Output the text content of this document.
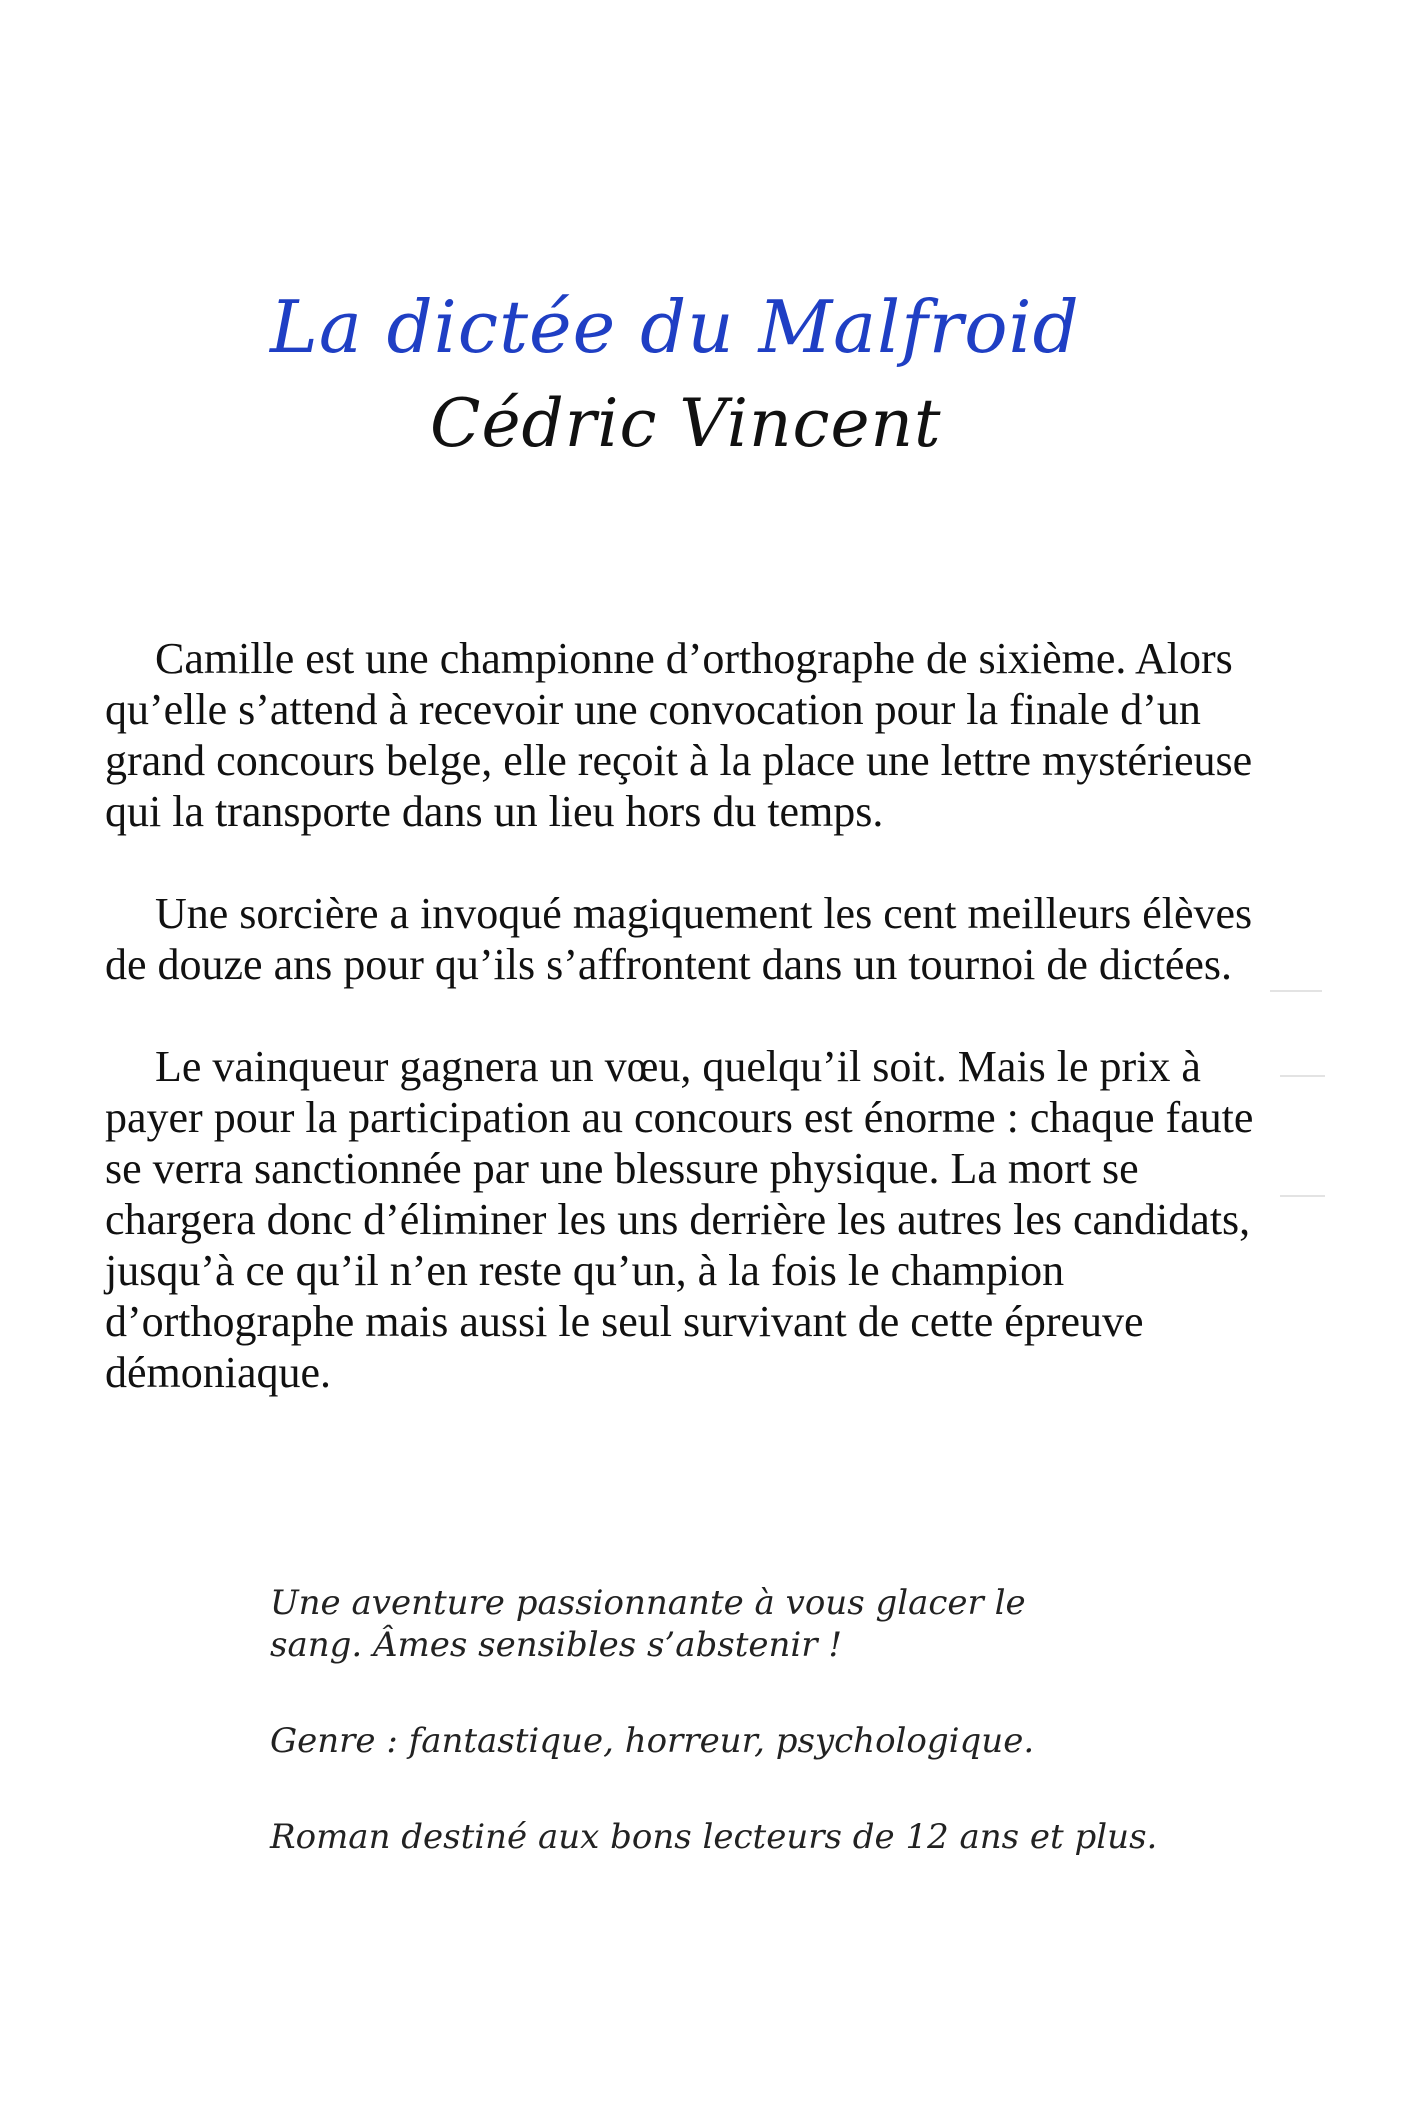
La dictée du Malfroid
Cédric Vincent

Camille est une championne d’orthographe de sixième. Alors qu’elle s’attend à recevoir une convocation pour la finale d’un grand concours belge, elle reçoit à la place une lettre mystérieuse qui la transporte dans un lieu hors du temps.

Une sorcière a invoqué magiquement les cent meilleurs élèves de douze ans pour qu’ils s’affrontent dans un tournoi de dictées.

Le vainqueur gagnera un vœu, quelqu’il soit. Mais le prix à payer pour la participation au concours est énorme : chaque faute se verra sanctionnée par une blessure physique. La mort se chargera donc d’éliminer les uns derrière les autres les candidats, jusqu’à ce qu’il n’en reste qu’un, à la fois le champion d’orthographe mais aussi le seul survivant de cette épreuve démoniaque.

Une aventure passionnante à vous glacer le sang. Âmes sensibles s’abstenir !

Genre : fantastique, horreur, psychologique.

Roman destiné aux bons lecteurs de 12 ans et plus.
